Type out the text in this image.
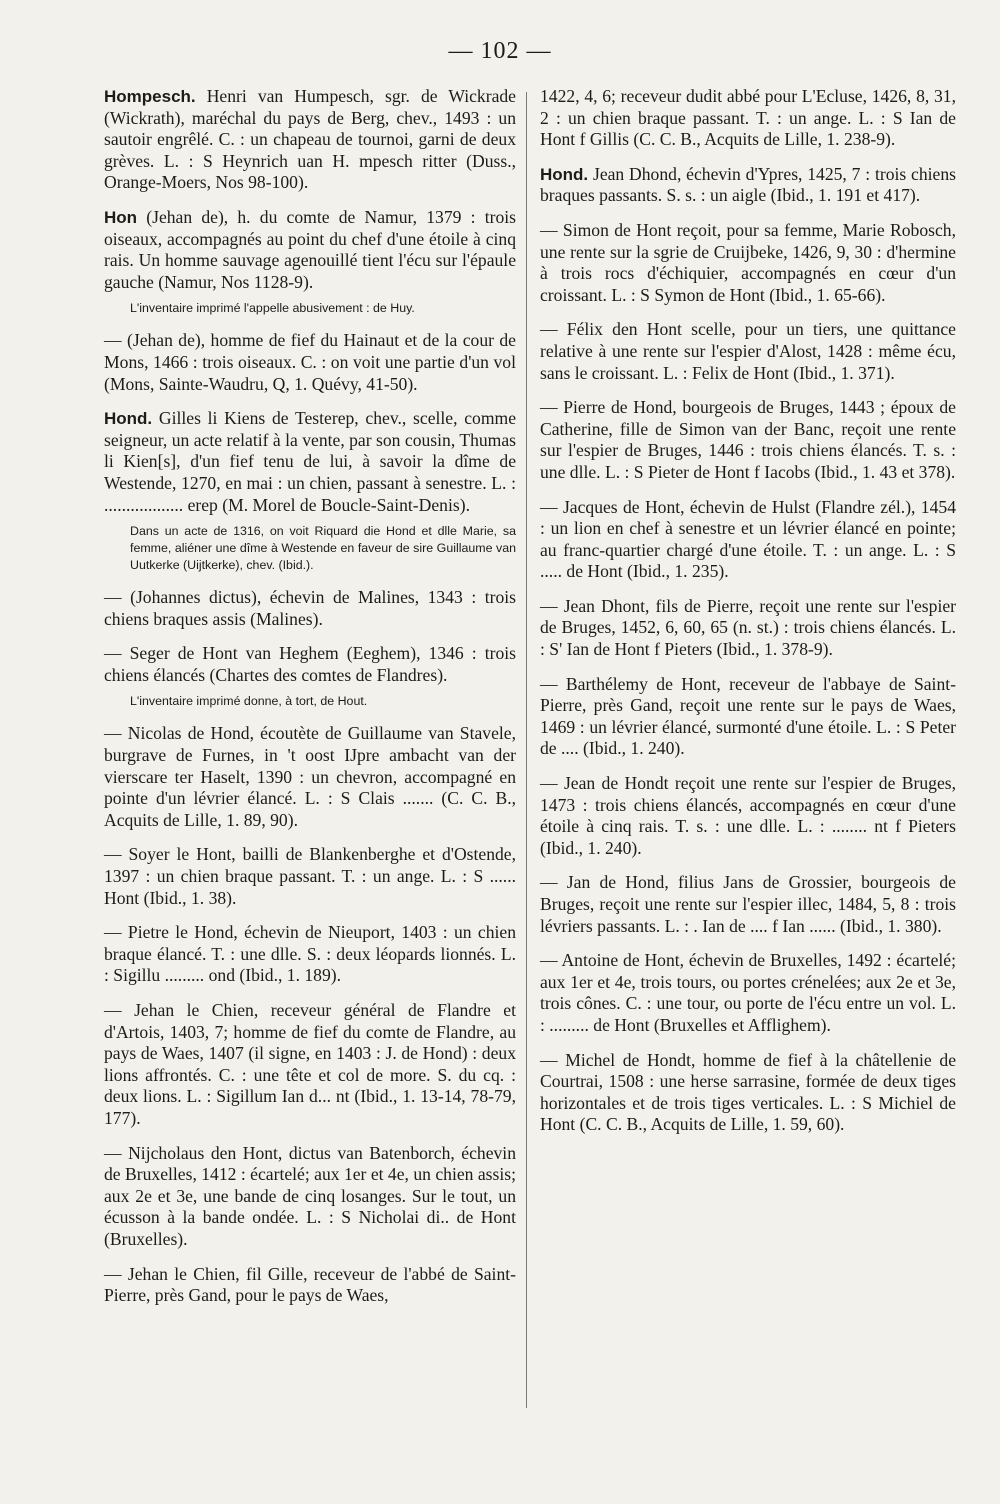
— 102 —

Hompesch. Henri van Humpesch, sgr. de Wickrade (Wickrath), maréchal du pays de Berg, chev., 1493 : un sautoir engrêlé. C. : un chapeau de tournoi, garni de deux grèves. L. : S Heynrich uan H. mpesch ritter (Duss., Orange-Moers, Nos 98-100).

Hon (Jehan de), h. du comte de Namur, 1379 : trois oiseaux, accompagnés au point du chef d'une étoile à cinq rais. Un homme sauvage agenouillé tient l'écu sur l'épaule gauche (Namur, Nos 1128-9).

L'inventaire imprimé l'appelle abusivement : de Huy.

— (Jehan de), homme de fief du Hainaut et de la cour de Mons, 1466 : trois oiseaux. C. : on voit une partie d'un vol (Mons, Sainte-Waudru, Q, 1. Quévy, 41-50).

Hond. Gilles li Kiens de Testerep, chev., scelle, comme seigneur, un acte relatif à la vente, par son cousin, Thumas li Kien[s], d'un fief tenu de lui, à savoir la dîme de Westende, 1270, en mai : un chien, passant à senestre. L. : .................. erep (M. Morel de Boucle-Saint-Denis).

Dans un acte de 1316, on voit Riquard die Hond et dlle Marie, sa femme, aliéner une dîme à Westende en faveur de sire Guillaume van Uutkerke (Uijtkerke), chev. (Ibid.).

— (Johannes dictus), échevin de Malines, 1343 : trois chiens braques assis (Malines).

— Seger de Hont van Heghem (Eeghem), 1346 : trois chiens élancés (Chartes des comtes de Flandres).

L'inventaire imprimé donne, à tort, de Hout.

— Nicolas de Hond, écoutète de Guillaume van Stavele, burgrave de Furnes, in 't oost IJpre ambacht van der vierscare ter Haselt, 1390 : un chevron, accompagné en pointe d'un lévrier élancé. L. : S Clais ....... (C. C. B., Acquits de Lille, 1. 89, 90).

— Soyer le Hont, bailli de Blankenberghe et d'Ostende, 1397 : un chien braque passant. T. : un ange. L. : S ...... Hont (Ibid., 1. 38).

— Pietre le Hond, échevin de Nieuport, 1403 : un chien braque élancé. T. : une dlle. S. : deux léopards lionnés. L. : Sigillu ......... ond (Ibid., 1. 189).

— Jehan le Chien, receveur général de Flandre et d'Artois, 1403, 7; homme de fief du comte de Flandre, au pays de Waes, 1407 (il signe, en 1403 : J. de Hond) : deux lions affrontés. C. : une tête et col de more. S. du cq. : deux lions. L. : Sigillum Ian d... nt (Ibid., 1. 13-14, 78-79, 177).

— Nijcholaus den Hont, dictus van Batenborch, échevin de Bruxelles, 1412 : écartelé; aux 1er et 4e, un chien assis; aux 2e et 3e, une bande de cinq losanges. Sur le tout, un écusson à la bande ondée. L. : S Nicholai di.. de Hont (Bruxelles).

— Jehan le Chien, fil Gille, receveur de l'abbé de Saint-Pierre, près Gand, pour le pays de Waes,

1422, 4, 6; receveur dudit abbé pour L'Ecluse, 1426, 8, 31, 2 : un chien braque passant. T. : un ange. L. : S Ian de Hont f Gillis (C. C. B., Acquits de Lille, 1. 238-9).

Hond. Jean Dhond, échevin d'Ypres, 1425, 7 : trois chiens braques passants. S. s. : un aigle (Ibid., 1. 191 et 417).

— Simon de Hont reçoit, pour sa femme, Marie Robosch, une rente sur la sgrie de Cruijbeke, 1426, 9, 30 : d'hermine à trois rocs d'échiquier, accompagnés en cœur d'un croissant. L. : S Symon de Hont (Ibid., 1. 65-66).

— Félix den Hont scelle, pour un tiers, une quittance relative à une rente sur l'espier d'Alost, 1428 : même écu, sans le croissant. L. : Felix de Hont (Ibid., 1. 371).

— Pierre de Hond, bourgeois de Bruges, 1443 ; époux de Catherine, fille de Simon van der Banc, reçoit une rente sur l'espier de Bruges, 1446 : trois chiens élancés. T. s. : une dlle. L. : S Pieter de Hont f Iacobs (Ibid., 1. 43 et 378).

— Jacques de Hont, échevin de Hulst (Flandre zél.), 1454 : un lion en chef à senestre et un lévrier élancé en pointe; au franc-quartier chargé d'une étoile. T. : un ange. L. : S ..... de Hont (Ibid., 1. 235).

— Jean Dhont, fils de Pierre, reçoit une rente sur l'espier de Bruges, 1452, 6, 60, 65 (n. st.) : trois chiens élancés. L. : S' Ian de Hont f Pieters (Ibid., 1. 378-9).

— Barthélemy de Hont, receveur de l'abbaye de Saint-Pierre, près Gand, reçoit une rente sur le pays de Waes, 1469 : un lévrier élancé, surmonté d'une étoile. L. : S Peter de .... (Ibid., 1. 240).

— Jean de Hondt reçoit une rente sur l'espier de Bruges, 1473 : trois chiens élancés, accompagnés en cœur d'une étoile à cinq rais. T. s. : une dlle. L. : ........ nt f Pieters (Ibid., 1. 240).

— Jan de Hond, filius Jans de Grossier, bourgeois de Bruges, reçoit une rente sur l'espier illec, 1484, 5, 8 : trois lévriers passants. L. : . Ian de .... f Ian ...... (Ibid., 1. 380).

— Antoine de Hont, échevin de Bruxelles, 1492 : écartelé; aux 1er et 4e, trois tours, ou portes crénelées; aux 2e et 3e, trois cônes. C. : une tour, ou porte de l'écu entre un vol. L. : ......... de Hont (Bruxelles et Afflighem).

— Michel de Hondt, homme de fief à la châtellenie de Courtrai, 1508 : une herse sarrasine, formée de deux tiges horizontales et de trois tiges verticales. L. : S Michiel de Hont (C. C. B., Acquits de Lille, 1. 59, 60).
